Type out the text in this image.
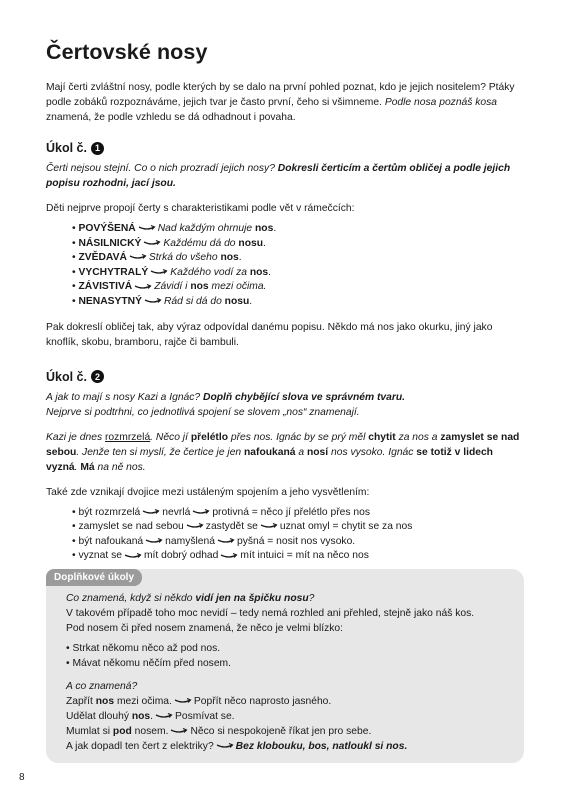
Čertovské nosy

Mají čerti zvláštní nosy, podle kterých by se dalo na první pohled poznat, kdo je jejich nositelem? Ptáky podle zobáků rozpoznáváme, jejich tvar je často první, čeho si všimneme. Podle nosa poznáš kosa znamená, že podle vzhledu se dá odhadnout i povaha.

Úkol č. 1

Čerti nejsou stejní. Co o nich prozradí jejich nosy? Dokresli čerticím a čertům obličej a podle jejich popisu rozhodni, jací jsou.

Děti nejprve propojí čerty s charakteristikami podle vět v rámečcích:

• POVÝŠENÁ Nad každým ohrnuje nos.
• NÁSILNICKÝ Každému dá do nosu.
• ZVĚDAVÁ Strká do všeho nos.
• VYCHYTRALÝ Každého vodí za nos.
• ZÁVISTIVÁ Závidí i nos mezi očima.
• NENASYTNÝ Rád si dá do nosu.

Pak dokreslí obličej tak, aby výraz odpovídal danému popisu. Někdo má nos jako okurku, jiný jako knoflík, skobu, bramboru, rajče či bambuli.

Úkol č. 2

A jak to mají s nosy Kazi a Ignác? Doplň chybějící slova ve správném tvaru.

Nejprve si podtrhni, co jednotlivá spojení se slovem „nos“ znamenají.

Kazi je dnes rozmrzelá. Něco jí přelétlo přes nos. Ignác by se prý měl chytit za nos a zamyslet se nad sebou. Jenže ten si myslí, že čertice je jen nafoukaná a nosí nos vysoko. Ignác se totiž v lidech vyzná. Má na ně nos.

Také zde vznikají dvojice mezi ustáleným spojením a jeho vysvětlením:

• být rozmrzelá nevrlá protivná = něco jí přelétlo přes nos
• zamyslet se nad sebou zastydět se uznat omyl = chytit se za nos
• být nafoukaná namyšlená pyšná = nosit nos vysoko.
• vyznat se mít dobrý odhad mít intuici = mít na něco nos
Doplňkové úkoly

Co znamená, když si někdo vidí jen na špičku nosu?

V takovém případě toho moc nevidí – tedy nemá rozhled ani přehled, stejně jako náš kos.

Pod nosem či před nosem znamená, že něco je velmi blízko:

• Strkat někomu něco až pod nos.
• Mávat někomu něčím před nosem.

A co znamená?

Zapřít nos mezi očima. Popřít něco naprosto jasného.

Udělat dlouhý nos. Posmívat se.

Mumlat si pod nosem. Něco si nespokojeně říkat jen pro sebe.

A jak dopadl ten čert z elektriky? Bez klobouku, bos, natloukl si nos.

8
